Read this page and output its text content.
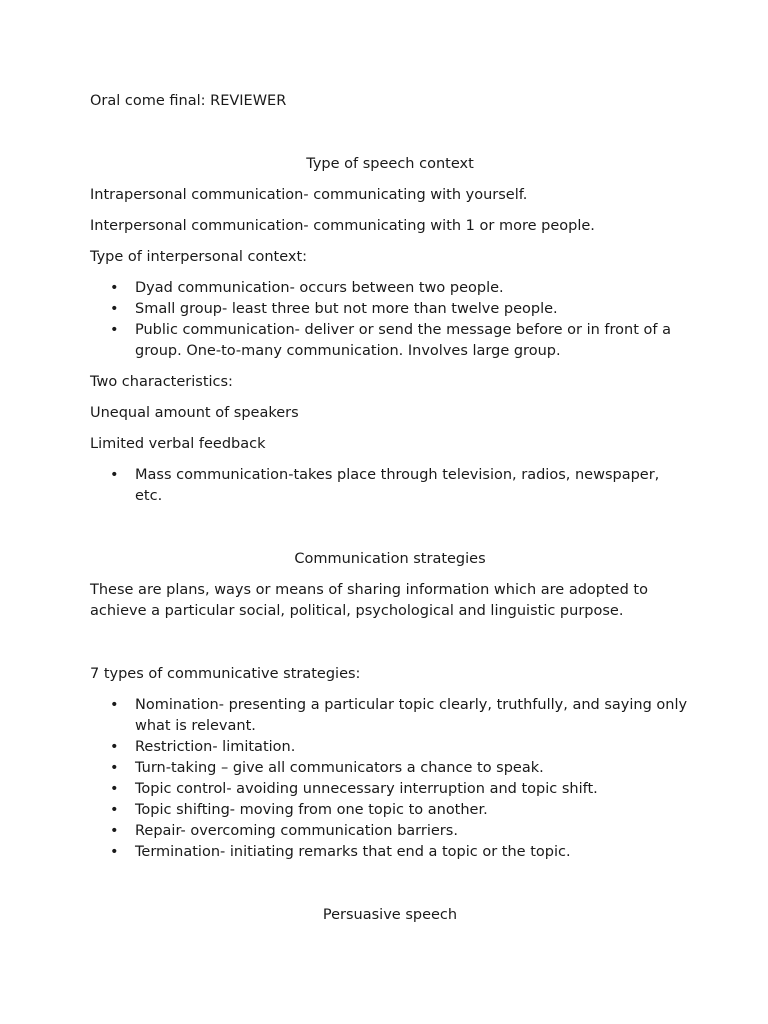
Oral come final: REVIEWER

Type of speech context

Intrapersonal communication- communicating with yourself.

Interpersonal communication- communicating with 1 or more people.

Type of interpersonal context:

• Dyad communication- occurs between two people.
• Small group- least three but not more than twelve people.
• Public communication- deliver or send the message before or in front of a group. One-to-many communication. Involves large group.

Two characteristics:

Unequal amount of speakers

Limited verbal feedback

• Mass communication-takes place through television, radios, newspaper, etc.

Communication strategies

These are plans, ways or means of sharing information which are adopted to achieve a particular social, political, psychological and linguistic purpose.

7 types of communicative strategies:

• Nomination- presenting a particular topic clearly, truthfully, and saying only what is relevant.
• Restriction- limitation.
• Turn-taking – give all communicators a chance to speak.
• Topic control- avoiding unnecessary interruption and topic shift.
• Topic shifting- moving from one topic to another.
• Repair- overcoming communication barriers.
• Termination- initiating remarks that end a topic or the topic.

Persuasive speech
